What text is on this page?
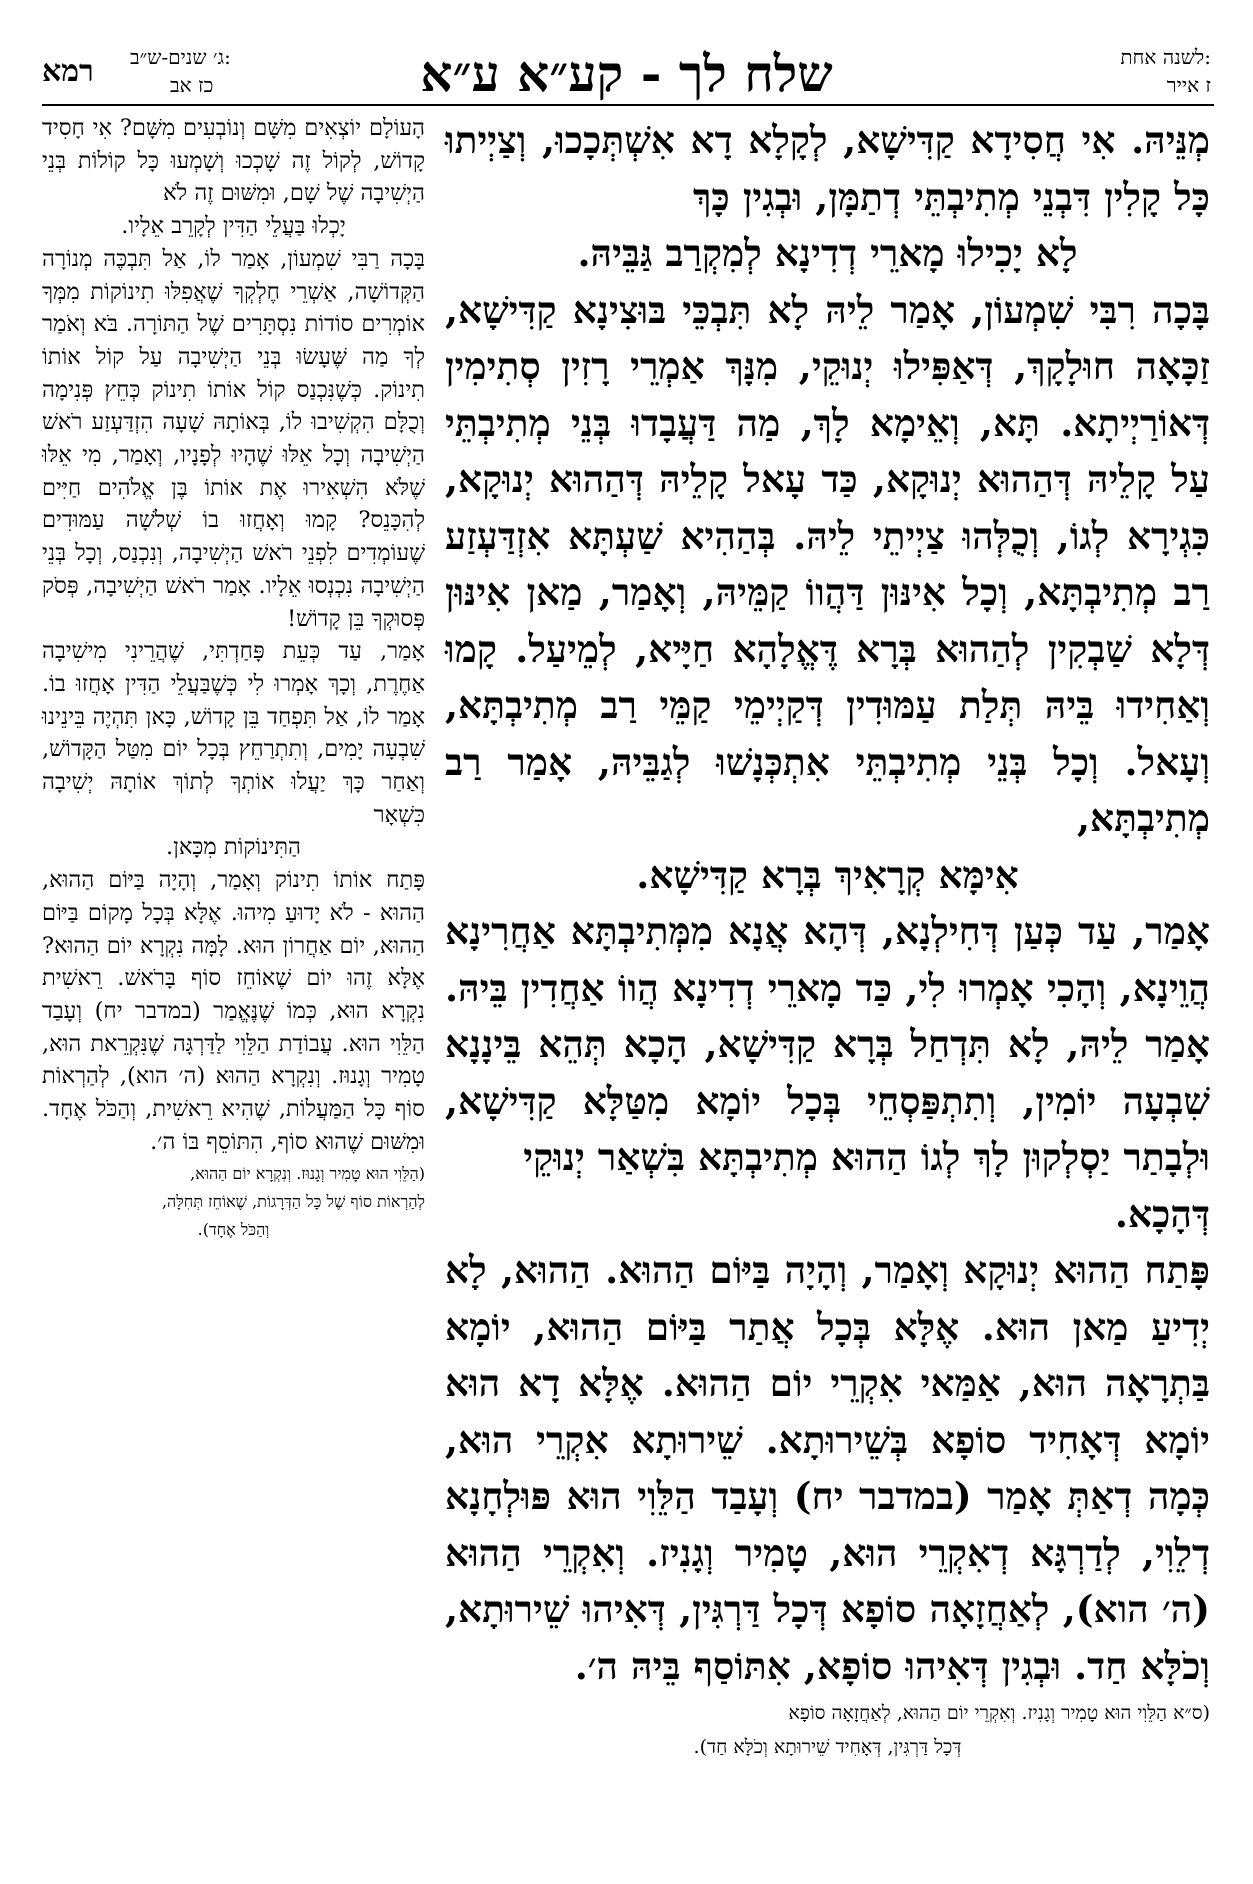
לשנה אחת:
ז אייר
ג׳ שנים-ש״ב:
כז אב
רמא	שלח לך - קע״א ע״א

מְנֵּיהּ. אִי חֲסִידָא קַדִּישָׁא, לְקָלָא דָא אִשְׁתְּכָכוּ, וְצַיְיתוּ כָּל קָלִין דִּבְנֵי מְתִיבְתֵּי דְתַמָּן, וּבְגִין כָּךְ

לָא יָכִילוּ מָארֵי דְדִינָא לְמִקְרַב גַּבֵּיהּ.

בָּכָה רִבִּי שִׁמְעוֹן, אָמַר לֵיהּ לָא תִּבְכֵּי בּוּצִינָא קַדִּישָׁא, זַכָּאָה חוּלָקָךְ, דְּאַפִּילוּ יְנוּקֵי, מִנָּךְ אַמְרֵי רָזִין סְתִימִין דְּאוֹרַיְיתָא. תָּא, וְאֵימָא לָךְ, מַה דַּעֲבָדוּ בְּנֵי מְתִיבְתֵּי עַל קָלֵיהּ דְּהַהוּא יְנוּקָא, כַּד עָאל קָלֵיהּ דְּהַהוּא יְנוּקָא, כִּגְירָא לְגוֹ, וְכֻלְּהוּ צַיְיתֵי לֵיהּ. בְּהַהִיא שַׁעְתָּא אִזְדַּעְזַע רַב מְתִיבְתָּא, וְכָל אִינּוּן דַּהֲווֹ קַמֵּיהּ, וְאָמַר, מַאן אִינּוּן דְּלָא שַׁבְקִין לְהַהוּא בְּרָא דֶּאֱלָהָא חַיָּיא, לְמֵיעַל. קָמוּ וְאַחִידוּ בֵּיהּ תְּלַת עַמּוּדִין דְּקַיְימֵי קַמֵּי רַב מְתִיבְתָּא, וְעָאל. וְכָל בְּנֵי מְתִיבְתֵּי אִתְכְּנָשׁוּ לְגַבֵּיהּ, אָמַר רַב מְתִיבְתָּא,

אִימָּא קְרָאִיךְ בְּרָא קַדִּישָׁא.

אָמַר, עַד כְּעַן דְּחִילְנָא, דְּהָא אֲנָא מִמְּתִיבְתָּא אַחֲרִינָא הֲוֵינָא, וְהָכִי אָמְרוּ לִי, כַּד מָארֵי דְדִינָא הֲווֹ אַחֲדִין בֵּיהּ. אָמַר לֵיהּ, לָא תִּדְחַל בְּרָא קַדִּישָׁא, הָכָא תְּהֵא בֵּינָנָא שִׁבְעָה יוֹמִין, וְתִתְפַּסְחֵי בְּכָל יוֹמָא מִטַּלָּא קַדִּישָׁא, וּלְבָתַר יַסְלְקוּן לָךְ לְגוֹ הַהוּא מְתִיבְתָּא בִּשְׁאַר יְנוּקֵי

דְּהָכָא.

פָּתַח הַהוּא יְנוּקָא וְאָמַר, וְהָיָה בַּיּוֹם הַהוּא. הַהוּא, לָא יְדִיעַ מַאן הוּא. אֶלָּא בְּכָל אֲתַר בַּיּוֹם הַהוּא, יוֹמָא בַּתְרָאָה הוּא, אַמַּאי אִקְרֵי יוֹם הַהוּא. אֶלָּא דָא הוּא יוֹמָא דְּאָחִיד סוֹפָא בְּשֵׁירוּתָא. שֵׁירוּתָא אִקְרֵי הוּא, כְּמָה דְאַתְּ אָמַר (במדבר יח) וְעָבַד הַלֵּוִי הוּא פּוּלְחָנָא דְלֵוִי, לְדַרְגָּא דְאִקְרֵי הוּא, טָמִיר וְגָנִיז. וְאִקְרֵי הַהוּא (ה׳ הוא), לְאַחֲזָאָה סוֹפָא דְּכָל דַּרְגִּין, דְּאִיהוּ שֵׁירוּתָא, וְכֹלָּא חַד. וּבְגִין דְּאִיהוּ סוֹפָא, אִתּוֹסַף בֵּיהּ ה׳.

(ס״א הַלֵּוִי הוּא טָמִיר וְגָנִיז. וְאִקְרֵי יוֹם הַהוּא, לְאַחֲזָאָה סוֹפָא

דְּכָל דַּרְגִּין, דְּאָחִיד שֵׁירוּתָא וְכֹלָּא חַד).

הָעוֹלָם יוֹצְאִים מִשָּׁם וְנוֹבְעִים מִשָּׁם? אִי חָסִיד קָדוֹשׁ, לְקוֹל זֶה שָׁכְכוּ וְשָׁמְעוּ כָּל קוֹלוֹת בְּנֵי הַיְשִׁיבָה שֶׁל שָׁם, וּמִשּׁוּם זֶה לֹא

יָכְלוּ בַּעֲלֵי הַדִּין לְקָרֵב אֵלָיו.

בָּכָה רַבִּי שִׁמְעוֹן, אָמַר לוֹ, אַל תִּבְכֶּה מְנוֹרָה הַקְּדוֹשָׁה, אַשְׁרֵי חֶלְקְךָ שֶׁאֲפִלּוּ תִינוֹקוֹת מִמְּךָ אוֹמְרִים סוֹדוֹת נִסְתָּרִים שֶׁל הַתּוֹרָה. בֹּא וְאֹמַר לְךָ מַה שֶּׁעָשׂוּ בְּנֵי הַיְשִׁיבָה עַל קוֹל אוֹתוֹ תִינוֹק. כְּשֶׁנִּכְנַס קוֹל אוֹתוֹ תִינוֹק כְּחֵץ פְּנִימָה וְכֻלָּם הִקְשִׁיבוּ לוֹ, בְּאוֹתָהּ שָׁעָה הִזְדַּעְזַע רֹאשׁ הַיְשִׁיבָה וְכָל אֵלּוּ שֶׁהָיוּ לְפָנָיו, וְאָמַר, מִי אֵלּוּ שֶׁלֹּא הִשְׁאִירוּ אֶת אוֹתוֹ בֶּן אֱלֹהִים חַיִּים לְהִכָּנֵס? קָמוּ וְאָחֲזוּ בוֹ שְׁלֹשָׁה עַמּוּדִים שֶׁעוֹמְדִים לִפְנֵי רֹאשׁ הַיְשִׁיבָה, וְנִכְנַס, וְכָל בְּנֵי הַיְשִׁיבָה נִכְנְסוּ אֵלָיו. אָמַר רֹאשׁ הַיְשִׁיבָה, פְּסֹק פְּסוּקְךָ בֵּן קָדוֹשׁ!

אָמַר, עַד כְּעֵת פָּחַדְתִּי, שֶׁהֲרֵינִי מִישִׁיבָה אַחֶרֶת, וְכָךְ אָמְרוּ לִי כְּשֶׁבַּעֲלֵי הַדִּין אָחֲזוּ בוֹ. אָמַר לוֹ, אַל תִּפְחַד בֵּן קָדוֹשׁ, כָּאן תִּהְיֶה בֵּינֵינוּ שִׁבְעָה יָמִים, וְתִתְרַחֵץ בְּכָל יוֹם מִטַּל הַקָּדוֹשׁ, וְאַחַר כָּךְ יַעֲלוּ אוֹתְךָ לְתוֹךְ אוֹתָהּ יְשִׁיבָה כִּשְׁאָר

הַתִּינוֹקוֹת מִכָּאן.

פָּתַח אוֹתוֹ תִינוֹק וְאָמַר, וְהָיָה בַּיּוֹם הַהוּא, הַהוּא - לֹא יָדוּעַ מִיהוּ. אֶלָּא בְּכָל מָקוֹם בַּיּוֹם הַהוּא, יוֹם אַחֲרוֹן הוּא. לָמָּה נִקְרָא יוֹם הַהוּא? אֶלָּא זֶהוּ יוֹם שֶׁאוֹחֵז סוֹף בָּרֹאשׁ. רֵאשִׁית נִקְרָא הוּא, כְּמוֹ שֶׁנֶּאֱמַר (במדבר יח) וְעָבַד הַלֵּוִי הוּא. עֲבוֹדַת הַלֵּוִי לַדַּרְגָּה שֶׁנִּקְרֵאת הוּא, טָמִיר וְגָנוּז. וְנִקְרָא הַהוּא (ה׳ הוא), לְהַרְאוֹת סוֹף כָּל הַמַּעֲלוֹת, שֶׁהִיא רֵאשִׁית, וְהַכֹּל אֶחָד. וּמִשּׁוּם שֶׁהוּא סוֹף, הִתּוֹסֵף בּוֹ ה׳.

(הַלֵּוִי הוּא טָמִיר וְגָנוּז. וְנִקְרָא יוֹם הַהוּא,

לְהַרְאוֹת סוֹף שֶׁל כָּל הַדְּרָגוֹת, שֶׁאוֹחֵז תְּחִלָּה,

וְהַכֹּל אֶחָד).
